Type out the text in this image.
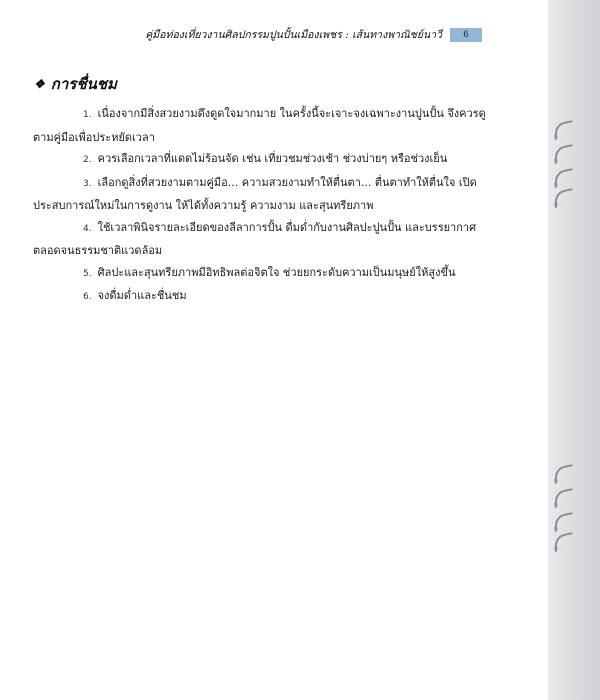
คู่มือท่องเที่ยวงานศิลปกรรมปูนปั้นเมืองเพชร : เส้นทางพาณิชย์นาวี	6
❖ การชื่นชม

1. เนื่องจากมีสิ่งสวยงามดึงดูดใจมากมาย ในครั้งนี้จะเจาะจงเฉพาะงานปูนปั้น จึงควรดูตามคู่มือเพื่อประหยัดเวลา

2. ควรเลือกเวลาที่แดดไม่ร้อนจัด เช่น เที่ยวชมช่วงเช้า ช่วงบ่ายๆ หรือช่วงเย็น

3. เลือกดูสิ่งที่สวยงามตามคู่มือ... ความสวยงามทำให้ตื่นตา... ตื่นตาทำให้ตื่นใจ เปิดประสบการณ์ใหม่ในการดูงาน ให้ได้ทั้งความรู้ ความงาม และสุนทรียภาพ

4. ใช้เวลาพินิจรายละเอียดของลีลาการปั้น ดื่มด่ำกับงานศิลปะปูนปั้น และบรรยากาศ ตลอดจนธรรมชาติแวดล้อม

5. ศิลปะและสุนทรียภาพมีอิทธิพลต่อจิตใจ ช่วยยกระดับความเป็นมนุษย์ให้สูงขึ้น

6. จงดื่มด่ำและชื่นชม
